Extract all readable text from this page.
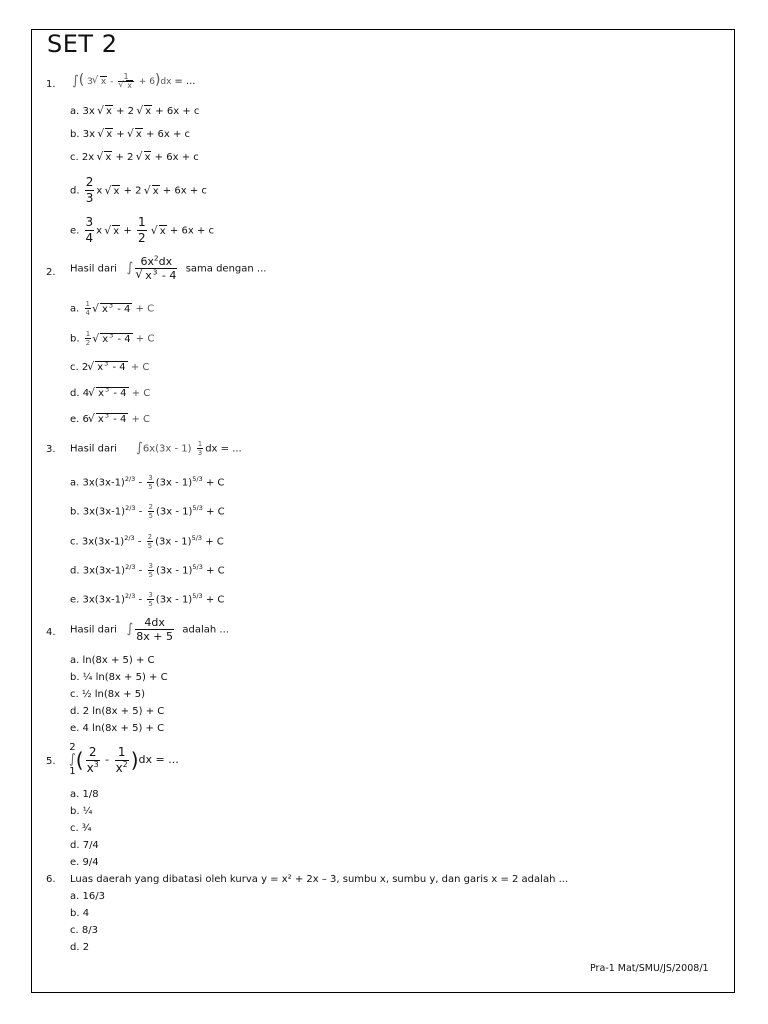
SET 2
1. ∫( 3 √ x - 1
√ x + 6)dx = ...
a. 3x √ x + 2 √ x + 6x + c
b. 3x √ x + √ x + 6x + c
c. 2x √ x + 2 √ x + 6x + c
d. $\frac{2}{3}$ x √ x + 2 √ x + 6x + c
e. $\frac{3}{4}$ x √ $x + \frac{1}{2}$ √ x + 6x + c
2. Hasil dari ∫ $6x^2dx$
√ $x^3 - 4$ sama dengan ...
a. $\frac{1}{4}$ √ $x^3 - 4 + C$
b. $\frac{1}{2}$ √ $x^3 - 4 + C$
c. 2 √ $x^3 - 4 + C$
d. 4 √ $x^3 - 4 + C$
e. 6 √ $x^3 - 4 + C$
3. Hasil dari $\int 6x(3x - 1) \frac{1}{3}$ dx = ...
a. $3x(3x-1)^{2/3} - \frac{3}{5} (3x - 1)^{5/3} + C$
b. $3x(3x-1)^{2/3} - \frac{2}{5} (3x - 1)^{5/3} + C$
c. $3x(3x-1)^{2/3} - \frac{2}{5} (3x - 1)^{5/3} + C$
d. $3x(3x-1)^{2/3} - \frac{3}{5} (3x - 1)^{5/3} + C$
e. $3x(3x-1)^{2/3} - \frac{3}{5} (3x - 1)^{5/3} + C$
4. Hasil dari ∫ $\frac{4dx}{8x + 5}$ adalah ...
a. ln(8x + 5) + C
b. ¼ ln(8x + 5) + C
c. ½ ln(8x + 5)
d. 2 ln(8x + 5) + C
e. 4 ln(8x + 5) + C
5.
2
∫
1 ( $\frac{2}{x^3} - \frac{1}{x^2} )dx$ = ...
a. 1/8
b. ¼
c. ¾
d. 7/4
e. 9/4
6. Luas daerah yang dibatasi oleh kurva y = x² + 2x – 3, sumbu x, sumbu y, dan garis x = 2 adalah ...
a. 16/3
b. 4
c. 8/3
d. 2
Pra-1 Mat/SMU/JS/2008/1
